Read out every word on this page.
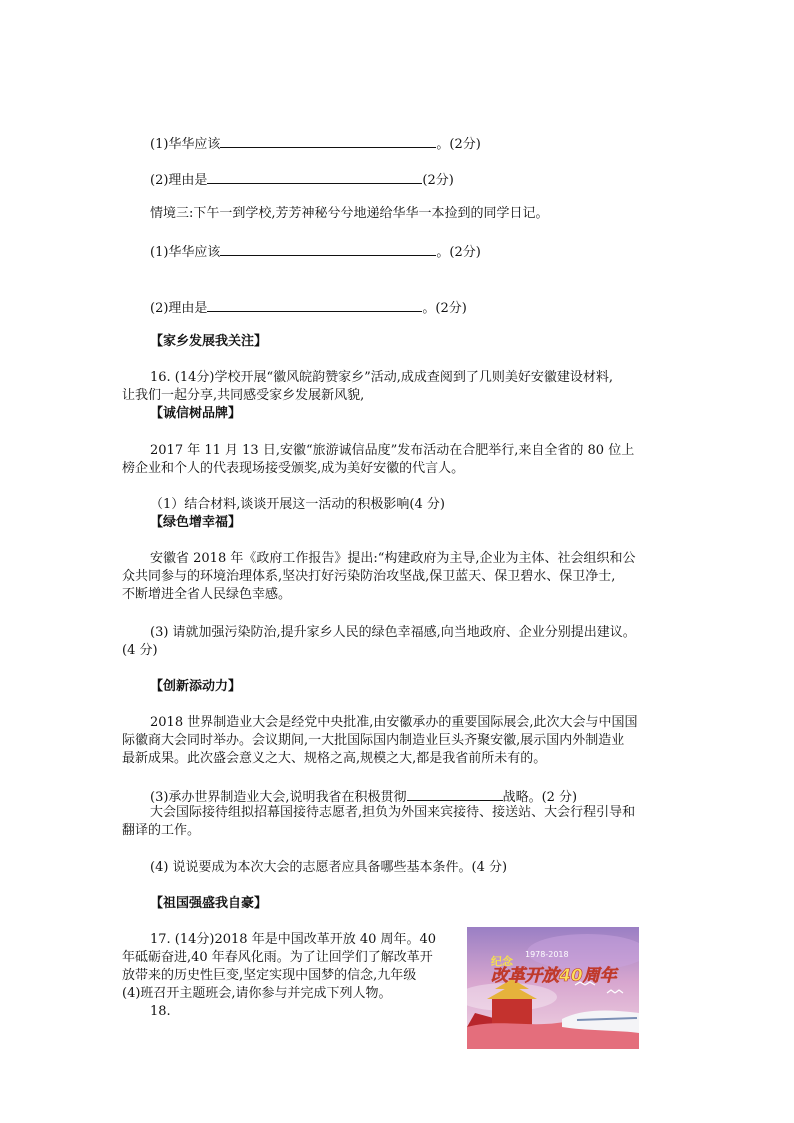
(1)华华应该	。(2分)
(2)理由是	(2分)
情境三:下午一到学校,芳芳神秘兮兮地递给华华一本捡到的同学日记。
(1)华华应该	。(2分)
(2)理由是	。(2分)
【家乡发展我关注】
16. (14分)学校开展“徽风皖韵赞家乡”活动,成成查阅到了几则美好安徽建设材料,
让我们一起分享,共同感受家乡发展新风貌,
【诚信树品牌】
2017 年 11 月 13 日,安徽“旅游诚信品度”发布活动在合肥举行,来自全省的 80 位上
榜企业和个人的代表现场接受颁奖,成为美好安徽的代言人。
（1）结合材料,谈谈开展这一活动的积极影响(4 分)
【绿色增幸福】
安徽省 2018 年《政府工作报告》提出:“构建政府为主导,企业为主体、社会组织和公
众共同参与的环境治理体系,坚决打好污染防治攻坚战,保卫蓝天、保卫碧水、保卫净士,
不断增进全省人民绿色幸感。
(3) 请就加强污染防治,提升家乡人民的绿色幸福感,向当地政府、企业分别提出建议。
(4 分)
【创新添动力】
2018 世界制造业大会是经党中央批准,由安徽承办的重要国际展会,此次大会与中国国
际徽商大会同时举办。会议期间,一大批国际国内制造业巨头齐聚安徽,展示国内外制造业
最新成果。此次盛会意义之大、规格之高,规模之大,都是我省前所未有的。
(3)承办世界制造业大会,说明我省在积极贯彻	战略。(2 分)
大会国际接待组拟招幕国接待志愿者,担负为外国来宾接待、接送站、大会行程引导和
翻译的工作。
(4) 说说要成为本次大会的志愿者应具备哪些基本条件。(4 分)
【祖国强盛我自豪】
17. (14分)2018 年是中国改革开放 40 周年。40
年砥砺奋进,40 年春风化雨。为了让回学们了解改革开
放带来的历史性巨变,坚定实现中国梦的信念,九年级
(4)班召开主题班会,请你参与并完成下列人物。
18.
纪念
1978-2018
改革开放40周年
